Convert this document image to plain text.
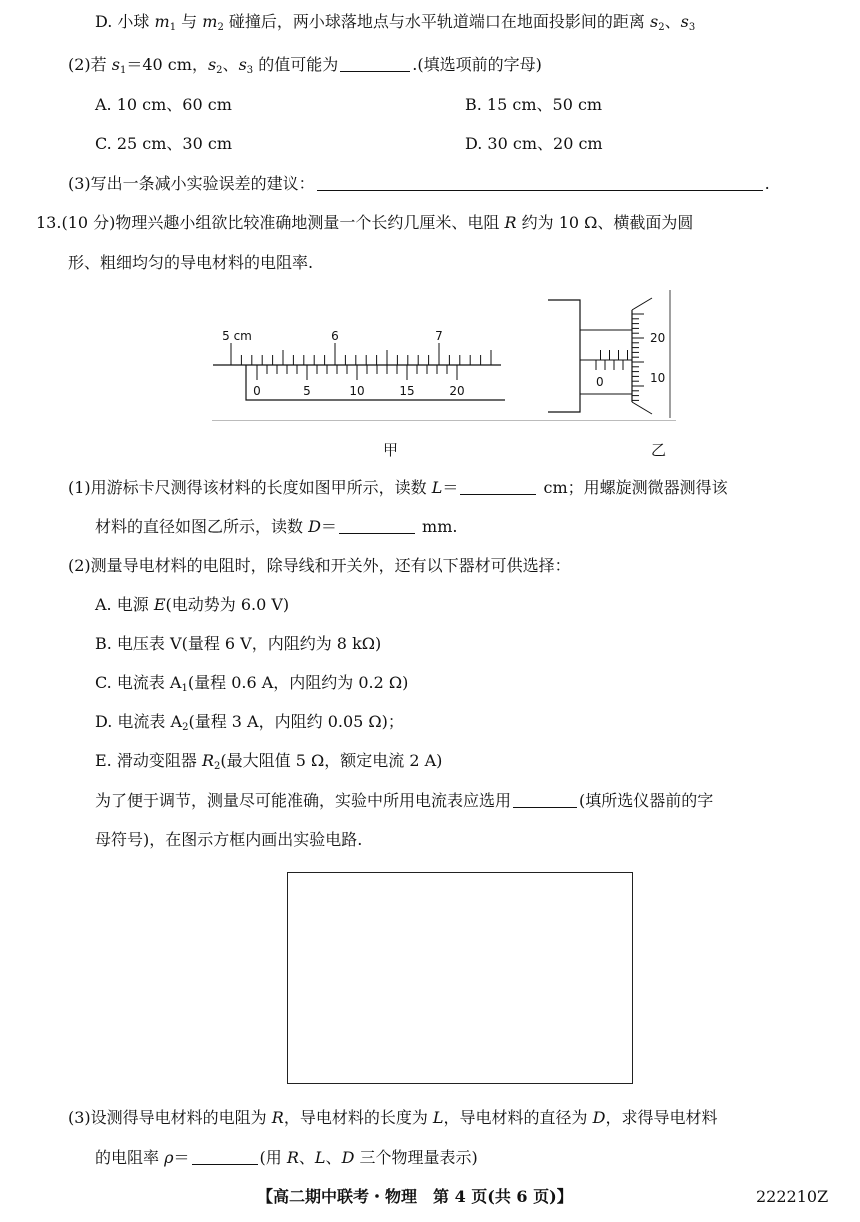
D. 小球 $m_1$ 与 $m_2$ 碰撞后，两小球落地点与水平轨道端口在地面投影间的距离 $s_2$、$s_3$
(2)若 $s_1=40$ cm，$s_2$、$s_3$ 的值可能为	.(填选项前的字母)
A. 10 cm、60 cm	B. 15 cm、50 cm
C. 25 cm、30 cm	D. 30 cm、20 cm
(3)写出一条减小实验误差的建议：	.
13.(10 分)物理兴趣小组欲比较准确地测量一个长约几厘米、电阻 R 约为 10 Ω、横截面为圆
形、粗细均匀的导电材料的电阻率.
5 cm	6	7
0	5	10	15	20
0
20
10
甲	乙
(1)用游标卡尺测得该材料的长度如图甲所示，读数 L＝	cm；用螺旋测微器测得该
材料的直径如图乙所示，读数 D＝	mm.
(2)测量导电材料的电阻时，除导线和开关外，还有以下器材可供选择：
A. 电源 E(电动势为 6.0 V)
B. 电压表 V(量程 6 V，内阻约为 8 kΩ)
C. 电流表 $A_1$(量程 0.6 A，内阻约为 0.2 Ω)
D. 电流表 $A_2$(量程 3 A，内阻约 0.05 Ω)；
E. 滑动变阻器 $R_2$(最大阻值 5 Ω，额定电流 2 A)
为了便于调节，测量尽可能准确，实验中所用电流表应选用	(填所选仪器前的字
母符号)，在图示方框内画出实验电路.
(3)设测得导电材料的电阻为 R，导电材料的长度为 L，导电材料的直径为 D，求得导电材料
的电阻率 ρ＝	(用 R、L、D 三个物理量表示)
【高二期中联考・物理　第 4 页(共 6 页)】	222210Z
